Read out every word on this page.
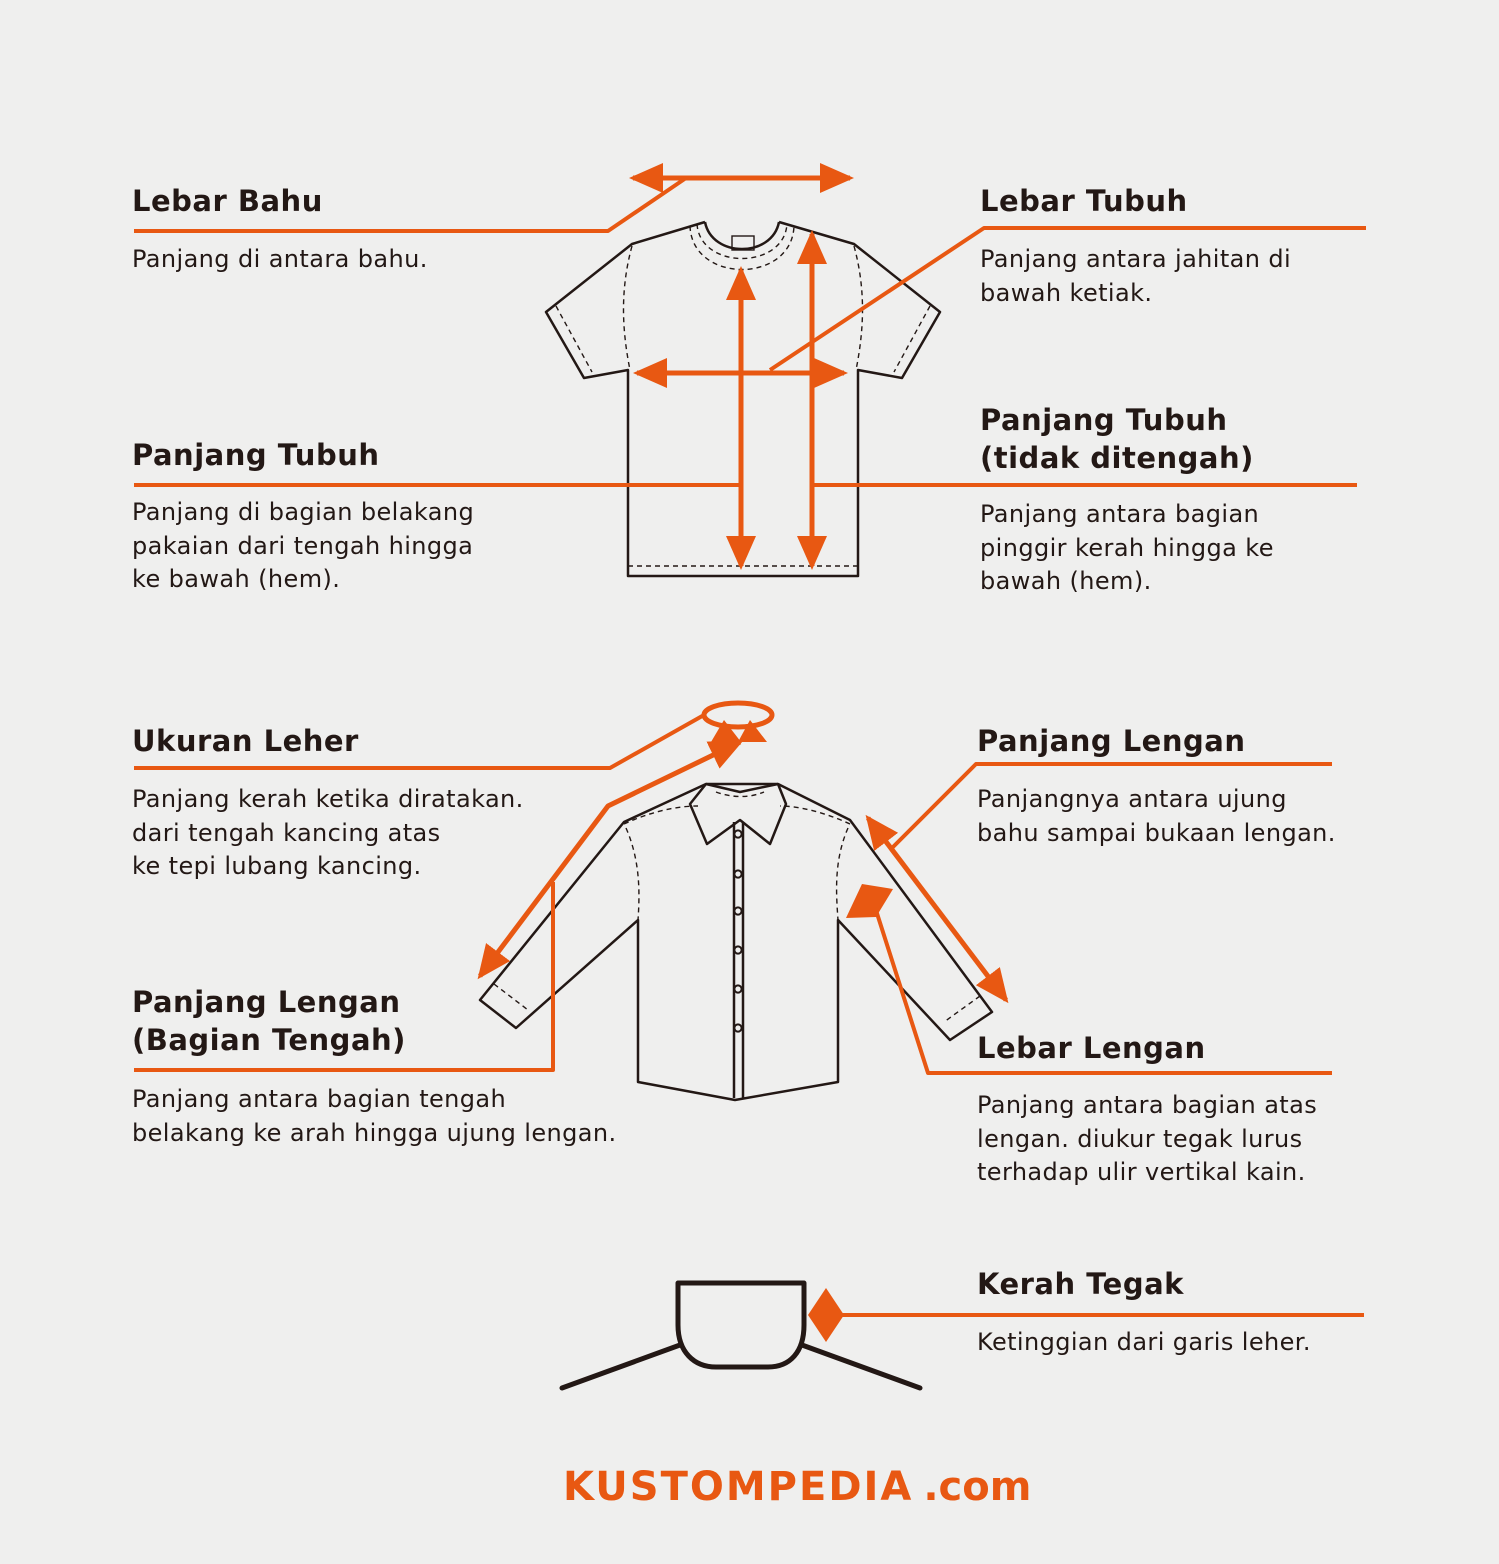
Lebar Bahu

Panjang di antara bahu.

Lebar Tubuh

Panjang antara jahitan di
bawah ketiak.

Panjang Tubuh

Panjang di bagian belakang
pakaian dari tengah hingga
ke bawah (hem).

Panjang Tubuh
(tidak ditengah)

Panjang antara bagian
pinggir kerah hingga ke
bawah (hem).

Ukuran Leher

Panjang kerah ketika diratakan.
dari tengah kancing atas
ke tepi lubang kancing.

Panjang Lengan

Panjangnya antara ujung
bahu sampai bukaan lengan.

Panjang Lengan
(Bagian Tengah)

Panjang antara bagian tengah
belakang ke arah hingga ujung lengan.

Lebar Lengan

Panjang antara bagian atas
lengan. diukur tegak lurus
terhadap ulir vertikal kain.

Kerah Tegak

Ketinggian dari garis leher.

KUSTOMPEDIA .com
